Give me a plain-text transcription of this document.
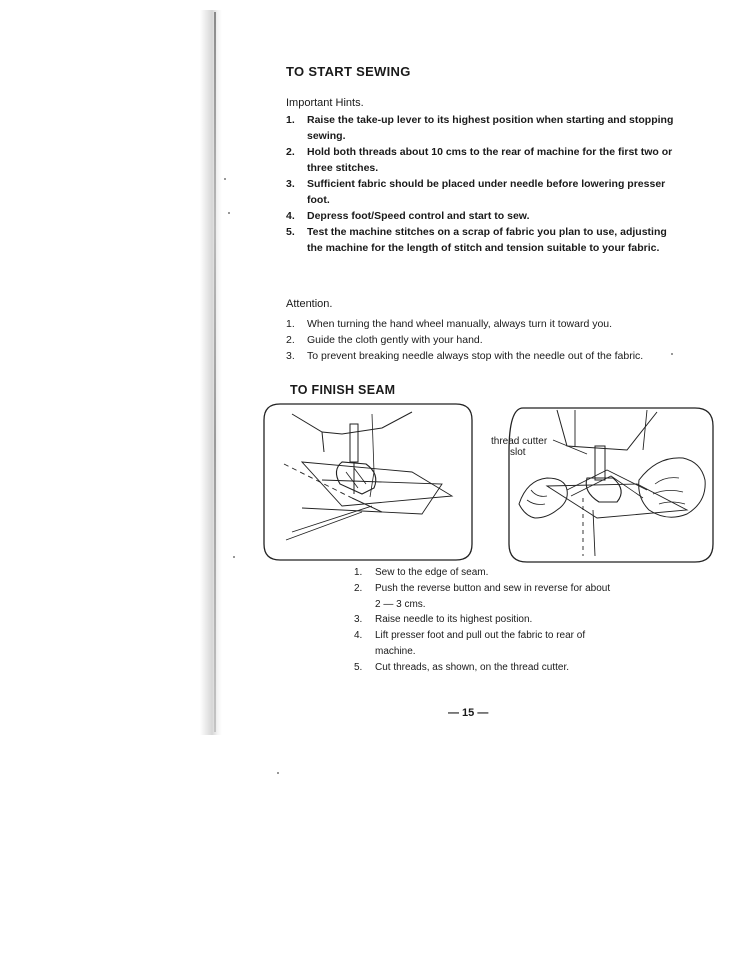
TO START SEWING

Important Hints.

1. Raise the take-up lever to its highest position when starting and stopping sewing.
2. Hold both threads about 10 cms to the rear of machine for the first two or three stitches.
3. Sufficient fabric should be placed under needle before lowering presser foot.
4. Depress foot/Speed control and start to sew.
5. Test the machine stitches on a scrap of fabric you plan to use, adjusting the machine for the length of stitch and tension suitable to your fabric.

Attention.

1. When turning the hand wheel manually, always turn it toward you.
2. Guide the cloth gently with your hand.
3. To prevent breaking needle always stop with the needle out of the fabric.
TO FINISH SEAM
thread cutter
slot
1. Sew to the edge of seam.
2. Push the reverse button and sew in reverse for about 2 — 3 cms.
3. Raise needle to its highest position.
4. Lift presser foot and pull out the fabric to rear of machine.
5. Cut threads, as shown, on the thread cutter.
— 15 —
